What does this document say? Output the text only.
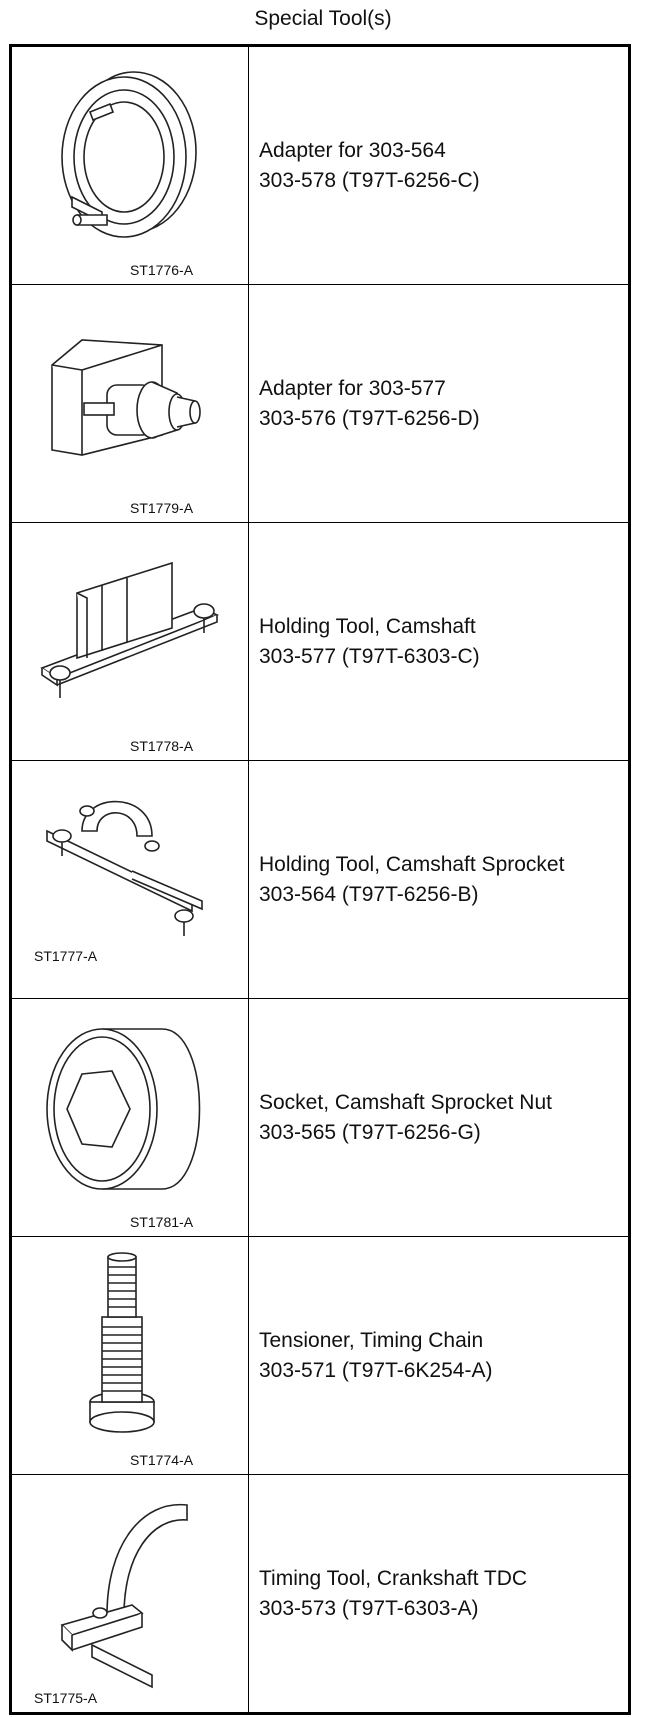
Special Tool(s)
ST1776-A	Adapter for 303-564
303-578 (T97T-6256-C)

ST1779-A	Adapter for 303-577
303-576 (T97T-6256-D)

ST1778-A	Holding Tool, Camshaft
303-577 (T97T-6303-C)

ST1777-A	Holding Tool, Camshaft Sprocket
303-564 (T97T-6256-B)

ST1781-A	Socket, Camshaft Sprocket Nut
303-565 (T97T-6256-G)

ST1774-A	Tensioner, Timing Chain
303-571 (T97T-6K254-A)

ST1775-A	Timing Tool, Crankshaft TDC
303-573 (T97T-6303-A)
